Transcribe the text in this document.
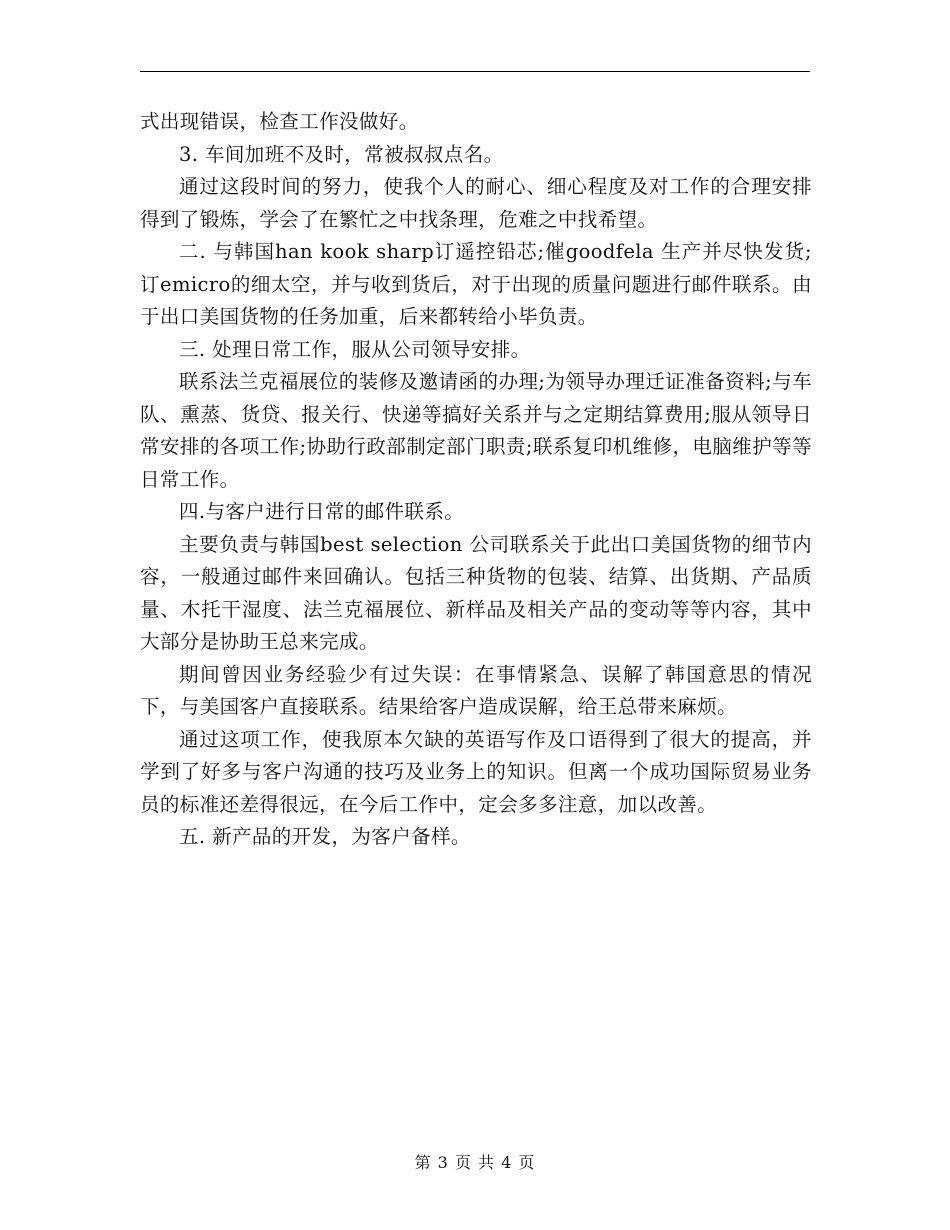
式出现错误，检查工作没做好。

3. 车间加班不及时，常被叔叔点名。

通过这段时间的努力，使我个人的耐心、细心程度及对工作的合理安排得到了锻炼，学会了在繁忙之中找条理，危难之中找希望。

二. 与韩国han kook sharp订遥控铅芯;催goodfela 生产并尽快发货;订emicro的细太空，并与收到货后，对于出现的质量问题进行邮件联系。由于出口美国货物的任务加重，后来都转给小毕负责。

三. 处理日常工作，服从公司领导安排。

联系法兰克福展位的装修及邀请函的办理;为领导办理迁证准备资料;与车队、熏蒸、货贷、报关行、快递等搞好关系并与之定期结算费用;服从领导日常安排的各项工作;协助行政部制定部门职责;联系复印机维修，电脑维护等等日常工作。

四.与客户进行日常的邮件联系。

主要负责与韩国best selection 公司联系关于此出口美国货物的细节内容，一般通过邮件来回确认。包括三种货物的包装、结算、出货期、产品质量、木托干湿度、法兰克福展位、新样品及相关产品的变动等等内容，其中大部分是协助王总来完成。

期间曾因业务经验少有过失误：在事情紧急、误解了韩国意思的情况下，与美国客户直接联系。结果给客户造成误解，给王总带来麻烦。

通过这项工作，使我原本欠缺的英语写作及口语得到了很大的提高，并学到了好多与客户沟通的技巧及业务上的知识。但离一个成功国际贸易业务员的标准还差得很远，在今后工作中，定会多多注意，加以改善。

五. 新产品的开发，为客户备样。

第 3 页 共 4 页
